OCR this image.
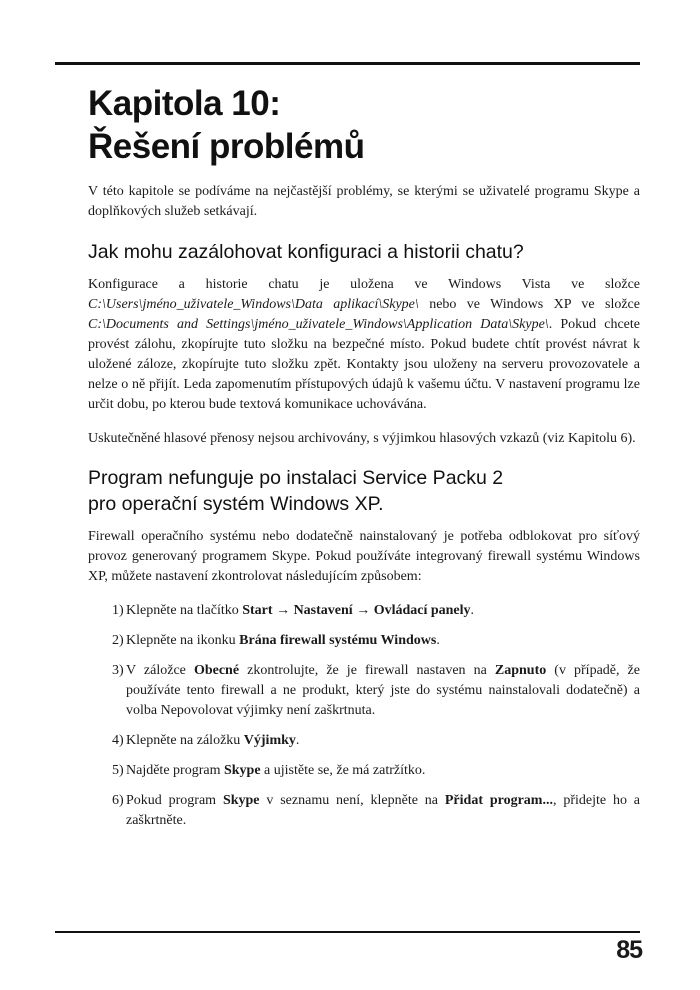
Kapitola 10:
Řešení problémů

V této kapitole se podíváme na nejčastější problémy, se kterými se uživatelé programu Skype a doplňkových služeb setkávají.

Jak mohu zazálohovat konfiguraci a historii chatu?

Konfigurace a historie chatu je uložena ve Windows Vista ve složce C:\Users\jméno_uživatele_Windows\Data aplikací\Skype\ nebo ve Windows XP ve složce C:\Documents and Settings\jméno_uživatele_Windows\Application Data\Skype\. Pokud chcete provést zálohu, zkopírujte tuto složku na bezpečné místo. Pokud budete chtít provést návrat k uložené záloze, zkopírujte tuto složku zpět. Kontakty jsou uloženy na serveru provozovatele a nelze o ně přijít. Leda zapomenutím přístupových údajů k vašemu účtu. V nastavení programu lze určit dobu, po kterou bude textová komunikace uchovávána.

Uskutečněné hlasové přenosy nejsou archivovány, s výjimkou hlasových vzkazů (viz Kapitolu 6).

Program nefunguje po instalaci Service Packu 2
pro operační systém Windows XP.

Firewall operačního systému nebo dodatečně nainstalovaný je potřeba odblokovat pro síťový provoz generovaný programem Skype. Pokud používáte integrovaný firewall systému Windows XP, můžete nastavení zkontrolovat následujícím způsobem:

1) Klepněte na tlačítko Start → Nastavení → Ovládací panely.
2) Klepněte na ikonku Brána firewall systému Windows.
3) V záložce Obecné zkontrolujte, že je firewall nastaven na Zapnuto (v případě, že používáte tento firewall a ne produkt, který jste do systému nainstalovali dodatečně) a volba Nepovolovat výjimky není zaškrtnuta.
4) Klepněte na záložku Výjimky.
5) Najděte program Skype a ujistěte se, že má zatržítko.
6) Pokud program Skype v seznamu není, klepněte na Přidat program..., přidejte ho a zaškrtněte.
85
